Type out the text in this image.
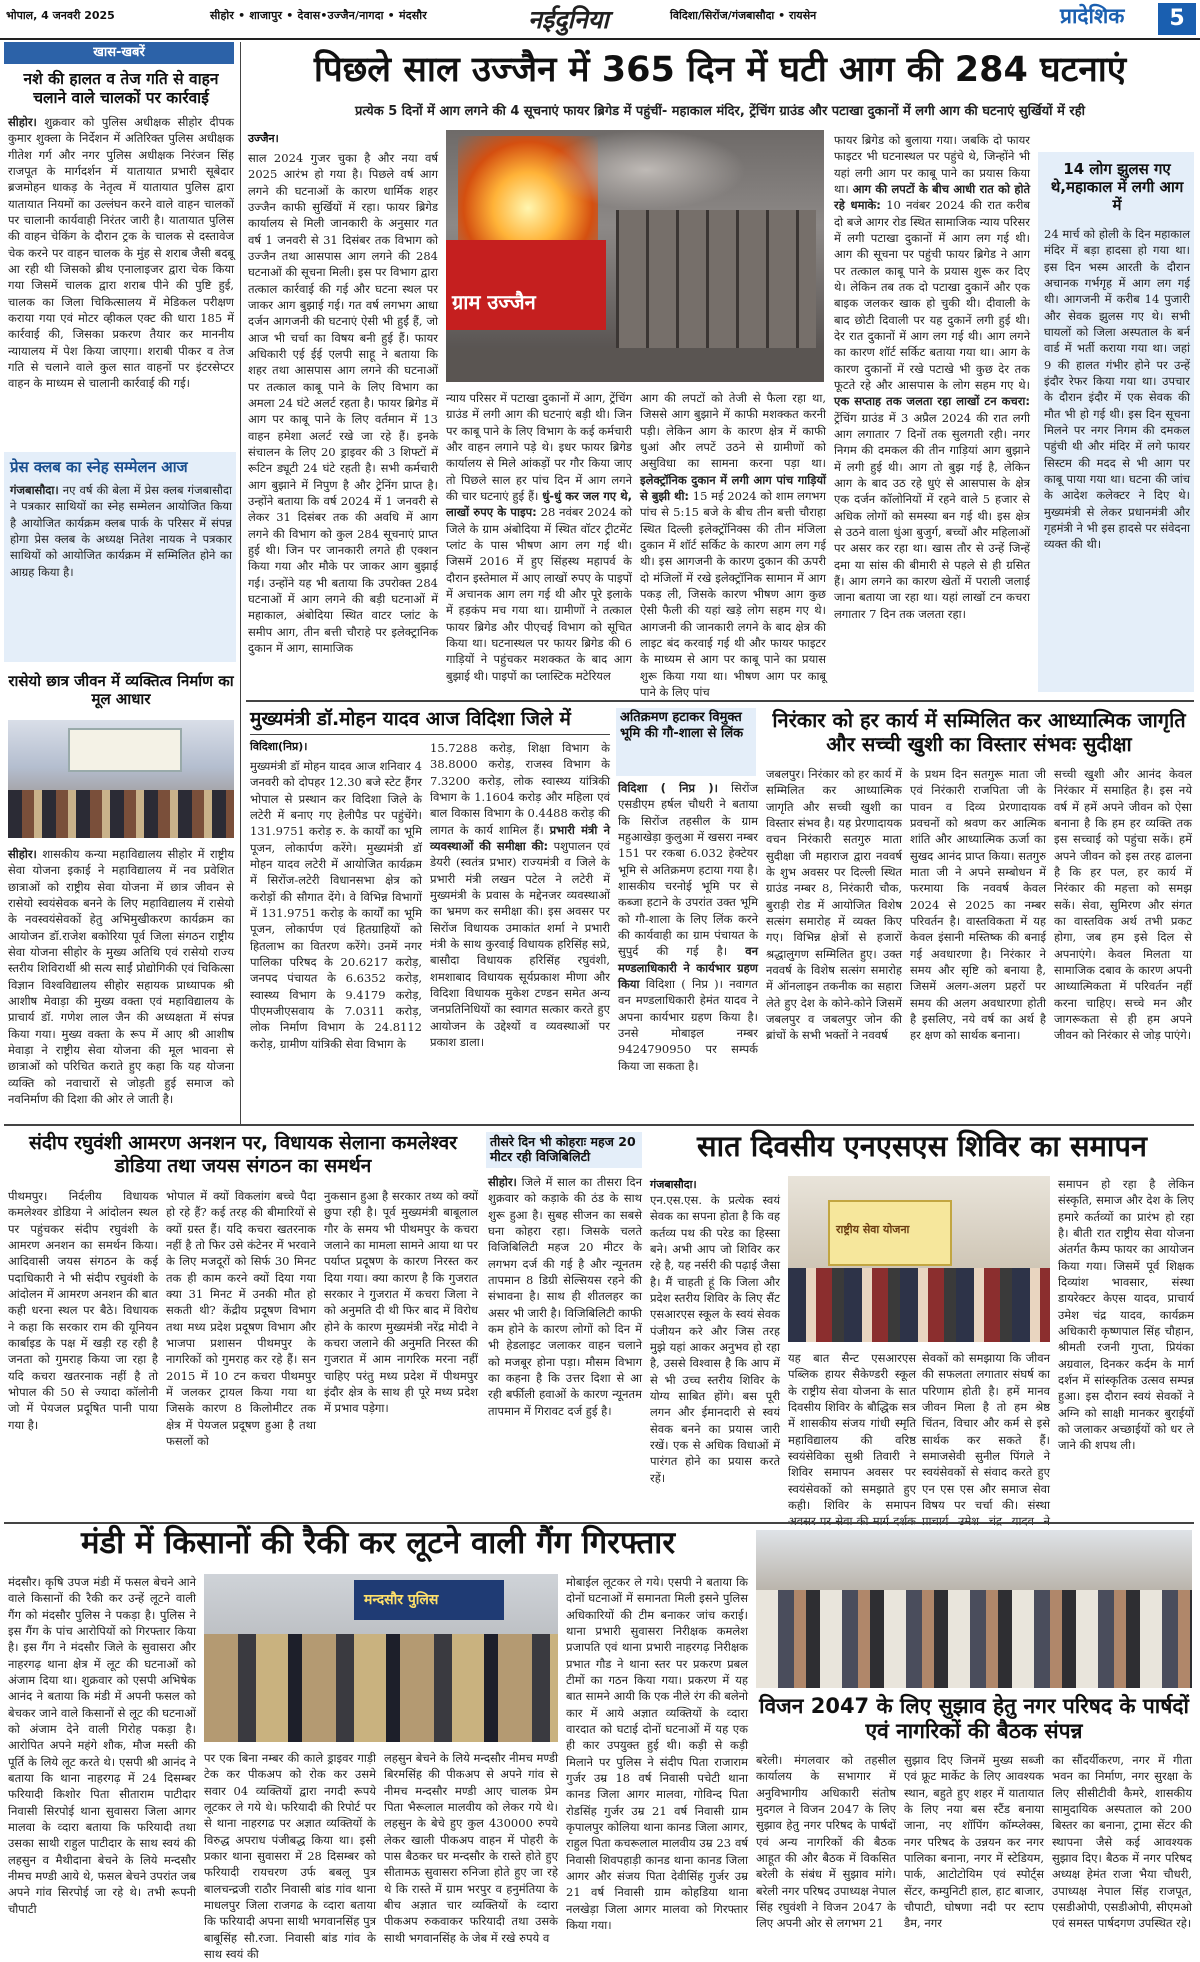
भोपाल, 4 जनवरी 2025	सीहोर • शाजापुर • देवास•उज्जैन/नागदा • मंदसौर	नईदुनिया	विदिशा/सिरोंज/गंजबासौदा • रायसेन	प्रादेशिक	5
खास-खबरें
नशे की हालत व तेज गति से वाहन चलाने वाले चालकों पर कार्रवाई
सीहोर। शुक्रवार को पुलिस अधीक्षक सीहोर दीपक कुमार शुक्ला के निर्देशन में अतिरिक्त पुलिस अधीक्षक गीतेश गर्ग और नगर पुलिस अधीक्षक निरंजन सिंह राजपूत के मार्गदर्शन में यातायात प्रभारी सूबेदार ब्रजमोहन धाकड़ के नेतृत्व में यातायात पुलिस द्वारा यातायात नियमों का उल्लंघन करने वाले वाहन चालकों पर चालानी कार्यवाही निरंतर जारी है। यातायात पुलिस की वाहन चेकिंग के दौरान ट्रक के चालक से दस्तावेज चेक करने पर वाहन चालक के मुंह से शराब जैसी बदबू आ रही थी जिसको ब्रीथ एनालाइजर द्वारा चेक किया गया जिसमें चालक द्वारा शराब पीने की पुष्टि हुई, चालक का जिला चिकित्सालय में मेडिकल परीक्षण कराया गया एवं मोटर व्हीकल एक्ट की धारा 185 में कार्रवाई की, जिसका प्रकरण तैयार कर माननीय न्यायालय में पेश किया जाएगा। शराबी पीकर व तेज गति से चलाने वाले कुल सात वाहनों पर इंटरसेप्टर वाहन के माध्यम से चालानी कार्रवाई की गई।
प्रेस क्लब का स्नेह सम्मेलन आज
गंजबासौदा। नए वर्ष की बेला में प्रेस क्लब गंजबासौदा ने पत्रकार साथियों का स्नेह सम्मेलन आयोजित किया है आयोजित कार्यक्रम क्लब पार्क के परिसर में संपन्न होगा प्रेस क्लब के अध्यक्ष नितेश नायक ने पत्रकार साथियों को आयोजित कार्यक्रम में सम्मिलित होने का आग्रह किया है।
रासेयो छात्र जीवन में व्यक्तित्व निर्माण का मूल आधार
सीहोर। शासकीय कन्या महाविद्यालय सीहोर में राष्ट्रीय सेवा योजना इकाई ने महाविद्यालय में नव प्रवेशित छात्राओं को राष्ट्रीय सेवा योजना में छात्र जीवन से रासेयो स्वयंसेवक बनने के लिए महाविद्यालय में रासेयो के नवस्वयंसेवकों हेतु अभिमुखीकरण कार्यक्रम का आयोजन डॉ.राजेश बकोरिया पूर्व जिला संगठन राष्ट्रीय सेवा योजना सीहोर के मुख्य अतिथि एवं रासेयो राज्य स्तरीय शिविरार्थी श्री सत्य साईं प्रोद्योगिकी एवं चिकित्सा विज्ञान विश्वविद्यालय सीहोर सहायक प्राध्यापक श्री आशीष मेवाड़ा की मुख्य वक्ता एवं महाविद्यालय के प्राचार्य डॉ. गणेश लाल जैन की अध्यक्षता में संपन्न किया गया। मुख्य वक्ता के रूप में आए श्री आशीष मेवाड़ा ने राष्ट्रीय सेवा योजना की मूल भावना से छात्राओं को परिचित कराते हुए कहा कि यह योजना व्यक्ति को नवाचारों से जोड़ती हुई समाज को नवनिर्माण की दिशा की ओर ले जाती है।
पिछले साल उज्जैन में 365 दिन में घटी आग की 284 घटनाएं
प्रत्येक 5 दिनों में आग लगने की 4 सूचनाएं फायर ब्रिगेड में पहुंचीं- महाकाल मंदिर, ट्रेंचिंग ग्राउंड और पटाखा दुकानों में लगी आग की घटनाएं सुर्खियों में रही
उज्जैन।
साल 2024 गुजर चुका है और नया वर्ष 2025 आरंभ हो गया है। पिछले वर्ष आग लगने की घटनाओं के कारण धार्मिक शहर उज्जैन काफी सुर्खियों में रहा। फायर ब्रिगेड कार्यालय से मिली जानकारी के अनुसार गत वर्ष 1 जनवरी से 31 दिसंबर तक विभाग को उज्जैन तथा आसपास आग लगने की 284 घटनाओं की सूचना मिली। इस पर विभाग द्वारा तत्काल कार्रवाई की गई और घटना स्थल पर जाकर आग बुझाई गई। गत वर्ष लगभग आधा दर्जन आगजनी की घटनाएं ऐसी भी हुईं हैं, जो आज भी चर्चा का विषय बनी हुई हैं। फायर अधिकारी एई ईई एलपी साहू ने बताया कि शहर तथा आसपास आग लगने की घटनाओं पर तत्काल काबू पाने के लिए विभाग का अमला 24 घंटे अलर्ट रहता है। फायर ब्रिगेड में आग पर काबू पाने के लिए वर्तमान में 13 वाहन हमेशा अलर्ट रखे जा रहे हैं। इनके संचालन के लिए 20 ड्राइवर की 3 शिफ्टों में रूटिन ड्यूटी 24 घंटे रहती है। सभी कर्मचारी आग बुझाने में निपुण है और ट्रेनिंग प्राप्त है। उन्होंने बताया कि वर्ष 2024 में 1 जनवरी से लेकर 31 दिसंबर तक की अवधि में आग लगने की विभाग को कुल 284 सूचनाएं प्राप्त हुई थी। जिन पर जानकारी लगते ही एक्शन किया गया और मौके पर जाकर आग बुझाई गई। उन्होंने यह भी बताया कि उपरोक्त 284 घटनाओं में आग लगने की बड़ी घटनाओं में महाकाल, अंबोदिया स्थित वाटर प्लांट के समीप आग, तीन बत्ती चौराहे पर इलेक्ट्रानिक दुकान में आग, सामाजिक
ग्राम उज्जैन
न्याय परिसर में पटाखा दुकानों में आग, ट्रेंचिंग ग्राउंड में लगी आग की घटनाएं बड़ी थी। जिन पर काबू पाने के लिए विभाग के कई कर्मचारी और वाहन लगाने पड़े थे। इधर फायर ब्रिगेड कार्यालय से मिले आंकड़ों पर गौर किया जाए तो पिछले साल हर पांच दिन में आग लगने की चार घटनाएं हुई हैं। धुं-धुं कर जल गए थे, लाखों रुपए के पाइप: 28 नवंबर 2024 को जिले के ग्राम अंबोदिया में स्थित वॉटर ट्रीटमेंट प्लांट के पास भीषण आग लग गई थी। जिसमें 2016 में हुए सिंहस्थ महापर्व के दौरान इस्तेमाल में आए लाखों रुपए के पाइपों में अचानक आग लग गई थी और पूरे इलाके में हड़कंप मच गया था। ग्रामीणों ने तत्काल फायर ब्रिगेड और पीएचई विभाग को सूचित किया था। घटनास्थल पर फायर ब्रिगेड की 6 गाड़ियों ने पहुंचकर मशक्कत के बाद आग बुझाई थी। पाइपों का प्लास्टिक मटेरियल
आग की लपटों को तेजी से फैला रहा था, जिससे आग बुझाने में काफी मशक्कत करनी पड़ी। लेकिन आग के कारण क्षेत्र में काफी धुआं और लपटें उठने से ग्रामीणों को असुविधा का सामना करना पड़ा था। इलेक्ट्रॉनिक दुकान में लगी आग पांच गाड़ियों से बुझी थी: 15 मई 2024 को शाम लगभग पांच से 5:15 बजे के बीच तीन बत्ती चौराहा स्थित दिल्ली इलेक्ट्रॉनिक्स की तीन मंजिला दुकान में शॉर्ट सर्किट के कारण आग लग गई थी। इस आगजनी के कारण दुकान की ऊपरी दो मंजिलों में रखे इलेक्ट्रॉनिक सामान में आग पकड़ ली, जिसके कारण भीषण आग कुछ ऐसी फैली की यहां खड़े लोग सहम गए थे। आगजनी की जानकारी लगने के बाद क्षेत्र की लाइट बंद करवाई गई थी और फायर फाइटर के माध्यम से आग पर काबू पाने का प्रयास शुरू किया गया था। भीषण आग पर काबू पाने के लिए पांच
फायर ब्रिगेड को बुलाया गया। जबकि दो फायर फाइटर भी घटनास्थल पर पहुंचे थे, जिन्होंने भी यहां लगी आग पर काबू पाने का प्रयास किया था। आग की लपटों के बीच आधी रात को होते रहे धमाके: 10 नवंबर 2024 की रात करीब दो बजे आगर रोड स्थित सामाजिक न्याय परिसर में लगी पटाखा दुकानों में आग लग गई थी। आग की सूचना पर पहुंची फायर ब्रिगेड ने आग पर तत्काल काबू पाने के प्रयास शुरू कर दिए थे। लेकिन तब तक दो पटाखा दुकानें और एक बाइक जलकर खाक हो चुकी थी। दीवाली के बाद छोटी दिवाली पर यह दुकानें लगी हुई थी। देर रात दुकानों में आग लग गई थी। आग लगने का कारण शॉर्ट सर्किट बताया गया था। आग के कारण दुकानों में रखे पटाखे भी कुछ देर तक फूटते रहे और आसपास के लोग सहम गए थे। एक सप्ताह तक जलता रहा लाखों टन कचरा: ट्रेंचिंग ग्राउंड में 3 अप्रैल 2024 की रात लगी आग लगातार 7 दिनों तक सुलगती रही। नगर निगम की दमकल की तीन गाड़ियां आग बुझाने में लगी हुई थी। आग तो बुझ गई है, लेकिन आग के बाद उठ रहे धुएं से आसपास के क्षेत्र एक दर्जन कॉलोनियों में रहने वाले 5 हजार से अधिक लोगों को समस्या बन गई थी। इस क्षेत्र से उठने वाला धुंआ बुजुर्ग, बच्चों और महिलाओं पर असर कर रहा था। खास तौर से उन्हें जिन्हें दमा या सांस की बीमारी से पहले से ही ग्रसित हैं। आग लगने का कारण खेतों में पराली जलाई जाना बताया जा रहा था। यहां लाखों टन कचरा लगातार 7 दिन तक जलता रहा।
14 लोग झुलस गए थे,महाकाल में लगी आग में
24 मार्च को होली के दिन महाकाल मंदिर में बड़ा हादसा हो गया था। इस दिन भस्म आरती के दौरान अचानक गर्भगृह में आग लग गई थी। आगजनी में करीब 14 पुजारी और सेवक झुलस गए थे। सभी घायलों को जिला अस्पताल के बर्न वार्ड में भर्ती कराया गया था। जहां 9 की हालत गंभीर होने पर उन्हें इंदौर रेफर किया गया था। उपचार के दौरान इंदौर में एक सेवक की मौत भी हो गई थी। इस दिन सूचना मिलने पर नगर निगम की दमकल पहुंची थी और मंदिर में लगे फायर सिस्टम की मदद से भी आग पर काबू पाया गया था। घटना की जांच के आदेश कलेक्टर ने दिए थे। मुख्यमंत्री से लेकर प्रधानमंत्री और गृहमंत्री ने भी इस हादसे पर संवेदना व्यक्त की थी।
मुख्यमंत्री डॉ.मोहन यादव आज विदिशा जिले में
विदिशा(निप्र)।
मुख्यमंत्री डॉ मोहन यादव आज शनिवार 4 जनवरी को दोपहर 12.30 बजे स्टेट हैंगर भोपाल से प्रस्थान कर विदिशा जिले के लटेरी में बनाए गए हेलीपैड पर पहुंचेंगे। 131.9751 करोड़ रु. के कार्यों का भूमि पूजन, लोकार्पण करेंगे। मुख्यमंत्री डॉ मोहन यादव लटेरी में आयोजित कार्यक्रम में सिरोंज-लटेरी विधानसभा क्षेत्र को करोड़ों की सौगात देंगे। वे विभिन्न विभागों में 131.9751 करोड़ के कार्यों का भूमि पूजन, लोकार्पण एवं हितग्राहियों को हितलाभ का वितरण करेंगे। उनमें नगर पालिका परिषद के 20.6217 करोड़, जनपद पंचायत के 6.6352 करोड़, स्वास्थ्य विभाग के 9.4179 करोड़, पीएमजीएसवाय के 7.0311 करोड़, लोक निर्माण विभाग के 24.8112 करोड़, ग्रामीण यांत्रिकी सेवा विभाग के
15.7288 करोड़, शिक्षा विभाग के 38.8000 करोड़, राजस्व विभाग के 7.3200 करोड़, लोक स्वास्थ्य यांत्रिकी विभाग के 1.1604 करोड़ और महिला एवं बाल विकास विभाग के 0.4488 करोड़ की लागत के कार्य शामिल हैं। प्रभारी मंत्री ने व्यवस्थाओं की समीक्षा की: पशुपालन एवं डेयरी (स्वतंत्र प्रभार) राज्यमंत्री व जिले के प्रभारी मंत्री लखन पटेल ने लटेरी में मुख्यमंत्री के प्रवास के मद्देनजर व्यवस्थाओं का भ्रमण कर समीक्षा की। इस अवसर पर सिरोंज विधायक उमाकांत शर्मा ने प्रभारी मंत्री के साथ कुरवाई विधायक हरिसिंह सप्रे, बासौदा विधायक हरिसिंह रघुवंशी, शमशाबाद विधायक सूर्यप्रकाश मीणा और विदिशा विधायक मुकेश टण्डन समेत अन्य जनप्रतिनिधियों का स्वागत सत्कार करते हुए आयोजन के उद्देश्यों व व्यवस्थाओं पर प्रकाश डाला।
अतिक्रमण हटाकर विमुक्त भूमि की गौ-शाला से लिंक
विदिशा ( निप्र )। सिरोंज एसडीएम हर्षल चौधरी ने बताया कि सिरोंज तहसील के ग्राम महुआखेड़ा कुलुआ में खसरा नम्बर 151 पर रकबा 6.032 हेक्टेयर भूमि से अतिक्रमण हटाया गया है। शासकीय चरनोई भूमि पर से कब्जा हटाने के उपरांत उक्त भूमि को गौ-शाला के लिए लिंक करने की कार्यवाही का ग्राम पंचायत के सुपुर्द की गई है। वन मण्डलाधिकारी ने कार्यभार ग्रहण किया विदिशा ( निप्र )। नवागत वन मण्डलाधिकारी हेमंत यादव ने अपना कार्यभार ग्रहण किया है। उनसे मोबाइल नम्बर 9424790950 पर सम्पर्क किया जा सकता है।
निरंकार को हर कार्य में सम्मिलित कर आध्यात्मिक जागृति और सच्ची खुशी का विस्तार संभवः सुदीक्षा
जबलपुर। निरंकार को हर कार्य में सम्मिलित कर आध्यात्मिक जागृति और सच्ची खुशी का विस्तार संभव है। यह प्रेरणादायक वचन निरंकारी सतगुरु माता सुदीक्षा जी महाराज द्वारा नववर्ष के शुभ अवसर पर दिल्ली स्थित ग्राउंड नम्बर 8, निरंकारी चौक, बुराड़ी रोड में आयोजित विशेष सत्संग समारोह में व्यक्त किए गए। विभिन्न क्षेत्रों से हजारों श्रद्धालुगण सम्मिलित हुए। उक्त नववर्ष के विशेष सत्संग समारोह में ऑनलाइन तकनीक का सहारा लेते हुए देश के कोने-कोने जिसमें जबलपुर व जबलपुर जोन की ब्रांचों के सभी भक्तों ने नववर्ष
के प्रथम दिन सतगुरू माता जी एवं निरंकारी राजपिता जी के पावन व दिव्य प्रेरणादायक प्रवचनों को श्रवण कर आत्मिक शांति और आध्यात्मिक ऊर्जा का सुखद आनंद प्राप्त किया। सतगुरु माता जी ने अपने सम्बोधन में फरमाया कि नववर्ष केवल 2024 से 2025 का नम्बर परिवर्तन है। वास्तविकता में यह केवल इंसानी मस्तिष्क की बनाई गई अवधारणा है। निरंकार ने समय और सृष्टि को बनाया है, जिसमें अलग-अलग प्रहरों पर समय की अलग अवधारणा होती है इसलिए, नये वर्ष का अर्थ है हर क्षण को सार्थक बनाना।
सच्ची खुशी और आनंद केवल निरंकार में समाहित है। इस नये वर्ष में हमें अपने जीवन को ऐसा बनाना है कि हम हर व्यक्ति तक इस सच्चाई को पहुंचा सकें। हमें अपने जीवन को इस तरह ढालना है कि हर पल, हर कार्य में निरंकार की महत्ता को समझ सकें। सेवा, सुमिरण और संगत का वास्तविक अर्थ तभी प्रकट होगा, जब हम इसे दिल से अपनाएंगे। केवल मिलता या सामाजिक दबाव के कारण अपनी आध्यात्मिकता में परिवर्तन नहीं करना चाहिए। सच्चे मन और जागरूकता से ही हम अपने जीवन को निरंकार से जोड़ पाएंगे।
संदीप रघुवंशी आमरण अनशन पर, विधायक सेलाना कमलेश्वर डोडिया तथा जयस संगठन का समर्थन
पीथमपुर। निर्दलीय विधायक कमलेश्वर डोडिया ने आंदोलन स्थल पर पहुंचकर संदीप रघुवंशी के आमरण अनशन का समर्थन किया। आदिवासी जयस संगठन के कई पदाधिकारी ने भी संदीप रघुवंशी के आंदोलन में आमरण अनशन की बात कही धरना स्थल पर बैठे। विधायक ने कहा कि सरकार राम की यूनियन कार्बाइड के पक्ष में खड़ी रह रही है जनता को गुमराह किया जा रहा है यदि कचरा खतरनाक नहीं है तो भोपाल की 50 से ज्यादा कॉलोनी जो में पेयजल प्रदूषित पानी पाया गया है।
भोपाल में क्यों विकलांग बच्चे पैदा हो रहे हैं? कई तरह की बीमारियों से क्यों ग्रस्त हैं। यदि कचरा खतरनाक नहीं है तो फिर उसे कंटेनर में भरवाने के लिए मजदूरों को सिर्फ 30 मिनट तक ही काम करने क्यों दिया गया क्या 31 मिनट में उनकी मौत हो सकती थी? केंद्रीय प्रदूषण विभाग तथा मध्य प्रदेश प्रदूषण विभाग और भाजपा प्रशासन पीथमपुर के नागरिकों को गुमराह कर रहे हैं। सन 2015 में 10 टन कचरा पीथमपुर में जलकर ट्रायल किया गया था जिसके कारण 8 किलोमीटर तक क्षेत्र में पेयजल प्रदूषण हुआ है तथा फसलों को
नुकसान हुआ है सरकार तथ्य को क्यों छुपा रही है। पूर्व मुख्यमंत्री बाबूलाल गौर के समय भी पीथमपुर के कचरा जलाने का मामला सामने आया था पर पर्याप्त प्रदूषण के कारण निरस्त कर दिया गया। क्या कारण है कि गुजरात सरकार ने गुजरात में कचरा जिला ने को अनुमति दी थी फिर बाद में विरोध होने के कारण मुख्यमंत्री नरेंद्र मोदी ने कचरा जलाने की अनुमति निरस्त की गुजरात में आम नागरिक मरना नहीं चाहिए परंतु मध्य प्रदेश में पीथमपुर इंदौर क्षेत्र के साथ ही पूरे मध्य प्रदेश में प्रभाव पड़ेगा।
तीसरे दिन भी कोहराः महज 20 मीटर रही विजिबिलिटी
सीहोर। जिले में साल का तीसरा दिन शुक्रवार को कड़ाके की ठंड के साथ शुरू हुआ है। सुबह सीजन का सबसे घना कोहरा रहा। जिसके चलते विजिबिलिटी महज 20 मीटर के लगभग दर्ज की गई है और न्यूनतम तापमान 8 डिग्री सेल्सियस रहने की संभावना है। साथ ही शीतलहर का असर भी जारी है। विजिबिलिटी काफी कम होने के कारण लोगों को दिन में भी हेडलाइट जलाकर वाहन चलाने को मजबूर होना पड़ा। मौसम विभाग का कहना है कि उत्तर दिशा से आ रही बर्फीली हवाओं के कारण न्यूनतम तापमान में गिरावट दर्ज हुई है।
सात दिवसीय एनएसएस शिविर का समापन
गंजबासौदा।
एन.एस.एस. के प्रत्येक स्वयं सेवक का सपना होता है कि वह कर्तव्य पथ की परेड का हिस्सा बने। अभी आप जो शिविर कर रहे है, यह नर्सरी की पढ़ाई जैसा है। मैं चाहती हूं कि जिला और प्रदेश स्तरीय शिविर के लिए सैंट एसआरएस स्कूल के स्वयं सेवक पंजीयन करे और जिस तरह मुझे यहां आकर अनुभव हो रहा है, उससे विश्वास है कि आप में से भी उच्च स्तरीय शिविर के योग्य साबित होंगे। बस पूरी लगन और ईमानदारी से स्वयं सेवक बनने का प्रयास जारी रखें। एक से अधिक विधाओं में पारंगत होने का प्रयास करते रहें।
राष्ट्रीय सेवा योजना
यह बात सैन्ट एसआरएस पब्लिक हायर सैकेण्डरी स्कूल के राष्ट्रीय सेवा योजना के सात दिवसीय शिविर के बौद्धिक सत्र में शासकीय संजय गांधी स्मृति महाविद्यालय की वरिष्ठ स्वयंसेविका सुश्री तिवारी ने शिविर समापन अवसर पर स्वयंसेवकों को समझाते हुए कही। शिविर के समापन
सेवकों को समझाया कि जीवन की सफलता लगातार संघर्ष का परिणाम होती है। हमें मानव जीवन मिला है तो हम श्रेष्ठ चिंतन, विचार और कर्म से इसे सार्थक कर सकते हैं। समाजसेवी सुनील पिंगले ने स्वयंसेवकों से संवाद करते हुए एन एस एस और समाज सेवा विषय पर चर्चा की। संस्था
समापन हो रहा है लेकिन संस्कृति, समाज और देश के लिए हमारे कर्तव्यों का प्रारंभ हो रहा है। बीती रात राष्ट्रीय सेवा योजना अंतर्गत कैम्प फायर का आयोजन किया गया। जिसमें पूर्व शिक्षक दिव्यांश भावसार, संस्था डायरेक्टर केएस यादव, प्राचार्य उमेश चंद्र यादव, कार्यक्रम अधिकारी कृष्णपाल सिंह चौहान, श्रीमती रजनी गुप्ता, प्रियंका अग्रवाल, दिनकर कर्दम के मार्ग दर्शन में सांस्कृतिक उत्सव सम्पन्न हुआ। इस दौरान स्वयं सेवकों ने अग्नि को साक्षी मानकर बुराईयों को जलाकर अच्छाईयों को धर ले जाने की शपथ ली।
मंडी में किसानों की रैकी कर लूटने वाली गैंग गिरफ्तार
मंदसौर। कृषि उपज मंडी में फसल बेचने आने वाले किसानों की रैकी कर उन्हें लूटने वाली गैंग को मंदसौर पुलिस ने पकड़ा है। पुलिस ने इस गैंग के पांच आरोपियों को गिरफ्तार किया है। इस गैंग ने मंदसौर जिले के सुवासरा और नाहरगढ़ थाना क्षेत्र में लूट की घटनाओं को अंजाम दिया था। शुक्रवार को एसपी अभिषेक आनंद ने बताया कि मंडी में अपनी फसल को बेचकर जाने वाले किसानों से लूट की घटनाओं को अंजाम देने वाली गिरोह पकड़ा है। आरोपित अपने महंगे शौक, मौज मस्ती की पूर्ति के लिये लूट करते थे। एसपी श्री आनंद ने बताया कि थाना नाहरगढ़ में 24 दिसम्बर फरियादी किशोर पिता सीताराम पाटीदार निवासी सिरपोई थाना सुवासरा जिला आगर मालवा के व्दारा बताया कि फरियादी तथा उसका साथी राहुल पाटीदार के साथ स्वयं की लहसुन व मैथीदाना बेचने के लिये मन्दसौर नीमच मण्डी आये थे, फसल बेचने उपरांत जब अपने गांव सिरपोई जा रहे थे। तभी रूपनी चौपाटी
मन्दसौर पुलिस
पर एक बिना नम्बर की काले ड्राइवर गाड़ी टेक कर पीकअप को रोक कर उसमे सवार 04 व्यक्तियों द्वारा नगदी रूपये लूटकर ले गये थे। फरियादी की रिपोर्ट पर से थाना नाहरगढ पर अज्ञात व्यक्तियों के विरुद्ध अपराध पंजीबद्ध किया था। इसी प्रकार थाना सुवासरा में 28 दिसम्बर को फरियादी रायचरण उर्फ बबलू पुत्र बालचन्द्रजी राठौर निवासी बांड गांव थाना माधलपुर जिला राजगढ के व्दारा बताया कि फरियादी अपना साथी भगवानसिंह पुत्र बाबूसिंह सौ.रजा. निवासी बांड गांव के साथ स्वयं की
लहसुन बेचने के लिये मन्दसौर नीमच मण्डी बिरमसिंह की पीकअप से अपने गांव से नीमच मन्दसौर मण्डी आए चालक प्रेम पिता भैरूलाल मालवीय को लेकर गये थे। लहसुन के बेचे हुए कुल 430000 रुपये लेकर खाली पीकअप वाहन में पोहरी के पास बैठकर घर मन्दसौर के रास्ते होते हुए सीतामऊ सुवासरा रुनिजा होते हुए जा रहे थे कि रास्ते में ग्राम भरपुर व हनुमंतिया के बीच अज्ञात चार व्यक्तियों के व्दारा पीकअप रुकवाकर फरियादी तथा उसके साथी भगवानसिंह के जेब में रखे रुपये व
मोबाईल लूटकर ले गये। एसपी ने बताया कि दोनों घटनाओं में समानता मिली इसने पुलिस अधिकारियों की टीम बनाकर जांच कराई। थाना प्रभारी सुवासरा निरीक्षक कमलेश प्रजापति एवं थाना प्रभारी नाहरगढ़ निरीक्षक प्रभात गौड ने थाना स्तर पर प्रकरण प्रबल टीमों का गठन किया गया। प्रकरण में यह बात सामने आयी कि एक नीले रंग की बलेनो कार में आये अज्ञात व्यक्तियों के व्दारा वारदात को घटाई दोनों घटनाओं में यह एक ही कार उपयुक्त हुई थी। कड़ी से कड़ी मिलाने पर पुलिस ने संदीप पिता राजाराम गुर्जर उम्र 18 वर्ष निवासी पचेटी थाना कानड जिला आगर मालवा, गोविन्द पिता रोडसिंह गुर्जर उम्र 21 वर्ष निवासी ग्राम कृपालपुर कोलिया थाना कानड जिला आगर, राहुल पिता कचरूलाल मालवीय उम्र 23 वर्ष निवासी शिवपहाड़ी कानड थाना कानड जिला आगर और संजय पिता देवीसिंह गुर्जर उम्र 21 वर्ष निवासी ग्राम कोहडिया थाना नलखेड़ा जिला आगर मालवा को गिरफ्तार किया गया।
विजन 2047 के लिए सुझाव हेतु नगर परिषद के पार्षदों एवं नागरिकों की बैठक संपन्न
बरेली। मंगलवार को तहसील कार्यालय के सभागार में अनुविभागीय अधिकारी संतोष मुदगल ने विजन 2047 के लिए सुझाव हेतु नगर परिषद के पार्षदों एवं अन्य नागरिकों की बैठक आहूत की और बैठक में विकसित बरेली के संबंध में सुझाव मांगे। बरेली नगर परिषद उपाध्यक्ष नेपाल सिंह रघुवंशी ने विजन 2047 के लिए अपनी ओर से लगभग 21
सुझाव दिए जिनमें मुख्य सब्जी एवं फ्रूट मार्केट के लिए आवश्यक स्थान, बहुते हुए शहर में यातायात के लिए नया बस स्टैंड बनाया जाना, नए शॉपिंग कॉम्प्लेक्स, नगर परिषद के उन्नयन कर नगर पालिका बनाना, नगर में स्टेडियम, पार्क, आटोटोयिम एवं स्पोर्ट्स सेंटर, कम्युनिटी हाल, हाट बाजार, चौपाटी, घोषणा नदी पर स्टाप डैम, नगर
का सौंदर्यीकरण, नगर में गीता भवन का निर्माण, नगर सुरक्षा के लिए सीसीटीवी कैमरे, शासकीय सामुदायिक अस्पताल को 200 बिस्तर का बनाना, ट्रामा सेंटर की स्थापना जैसे कई आवश्यक सुझाव दिए। बैठक में नगर परिषद अध्यक्ष हेमंत राजा भैया चौधरी, उपाध्यक्ष नेपाल सिंह राजपूत, एसडीओपी, एसडीओपी, सीएमओ एवं समस्त पार्षदगण उपस्थित रहे।
